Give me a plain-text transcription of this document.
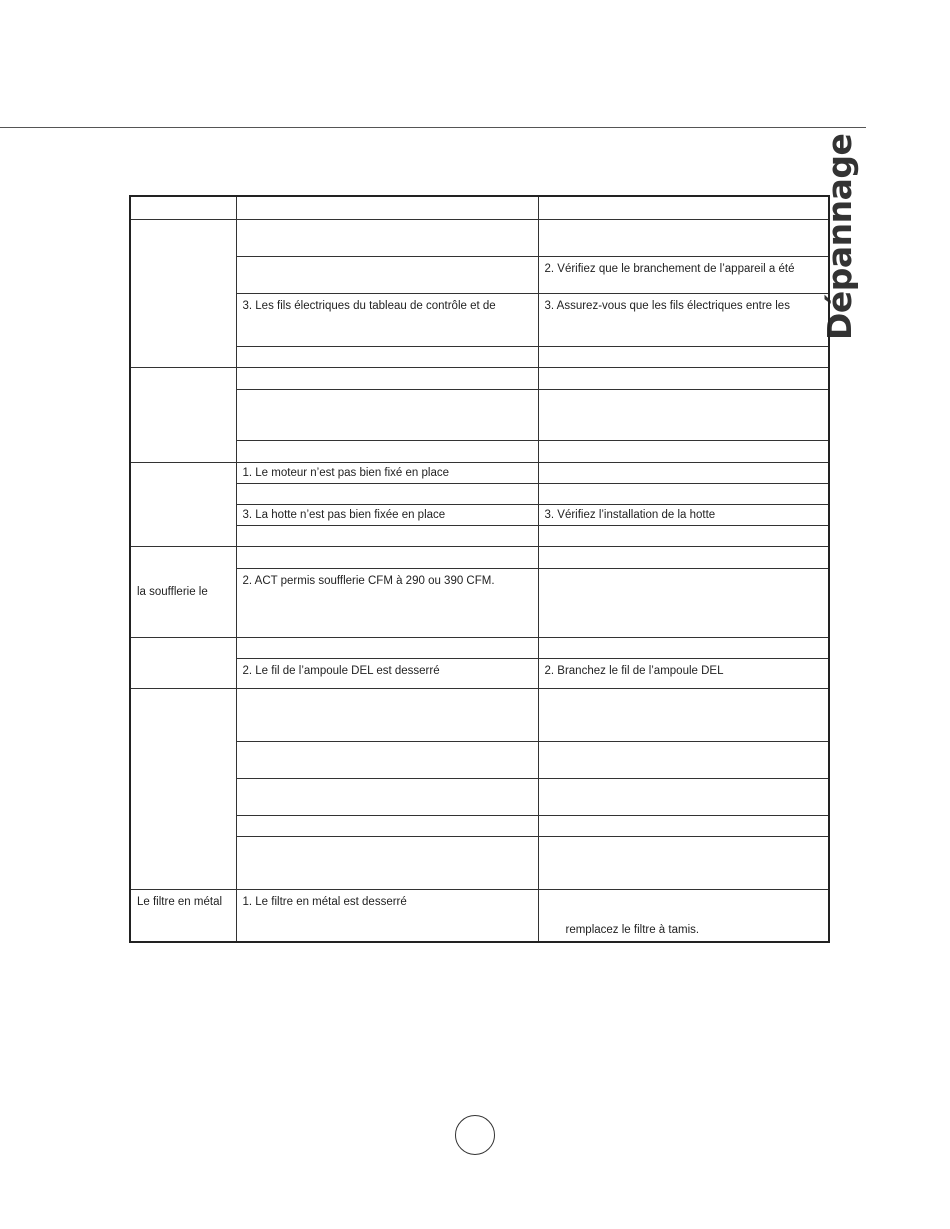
Dépannage

		2. Vérifiez que le branchement de l’appareil a été
	3. Les fils électriques du tableau de contrôle et de	3. Assurez-vous que les fils électriques entre les

	1. Le moteur n’est pas bien fixé en place	

	3. La hotte n’est pas bien fixée en place	3. Vérifiez l’installation de la hotte

la soufflerie le		
	2. ACT permis soufflerie CFM à 290 ou 390 CFM.	

	2. Le fil de l’ampoule DEL est desserré	2. Branchez le fil de l’ampoule DEL

Le filtre en métal	1. Le filtre en métal est desserré	remplacez le filtre à tamis.
